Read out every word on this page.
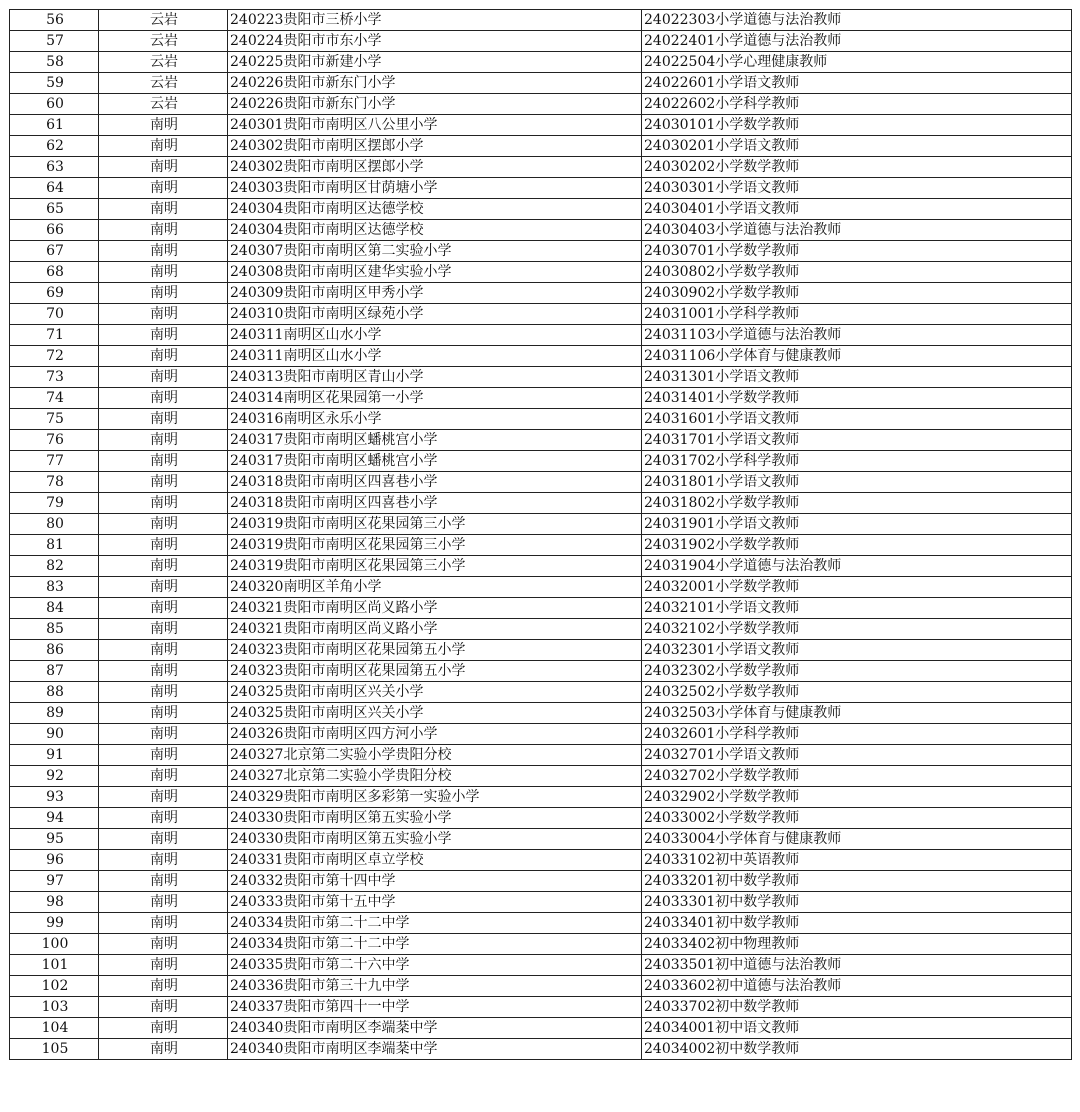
56	云岩	240223贵阳市三桥小学	24022303小学道德与法治教师
57	云岩	240224贵阳市市东小学	24022401小学道德与法治教师
58	云岩	240225贵阳市新建小学	24022504小学心理健康教师
59	云岩	240226贵阳市新东门小学	24022601小学语文教师
60	云岩	240226贵阳市新东门小学	24022602小学科学教师
61	南明	240301贵阳市南明区八公里小学	24030101小学数学教师
62	南明	240302贵阳市南明区摆郎小学	24030201小学语文教师
63	南明	240302贵阳市南明区摆郎小学	24030202小学数学教师
64	南明	240303贵阳市南明区甘荫塘小学	24030301小学语文教师
65	南明	240304贵阳市南明区达德学校	24030401小学语文教师
66	南明	240304贵阳市南明区达德学校	24030403小学道德与法治教师
67	南明	240307贵阳市南明区第二实验小学	24030701小学数学教师
68	南明	240308贵阳市南明区建华实验小学	24030802小学数学教师
69	南明	240309贵阳市南明区甲秀小学	24030902小学数学教师
70	南明	240310贵阳市南明区绿苑小学	24031001小学科学教师
71	南明	240311南明区山水小学	24031103小学道德与法治教师
72	南明	240311南明区山水小学	24031106小学体育与健康教师
73	南明	240313贵阳市南明区青山小学	24031301小学语文教师
74	南明	240314南明区花果园第一小学	24031401小学数学教师
75	南明	240316南明区永乐小学	24031601小学语文教师
76	南明	240317贵阳市南明区蟠桃宫小学	24031701小学语文教师
77	南明	240317贵阳市南明区蟠桃宫小学	24031702小学科学教师
78	南明	240318贵阳市南明区四喜巷小学	24031801小学语文教师
79	南明	240318贵阳市南明区四喜巷小学	24031802小学数学教师
80	南明	240319贵阳市南明区花果园第三小学	24031901小学语文教师
81	南明	240319贵阳市南明区花果园第三小学	24031902小学数学教师
82	南明	240319贵阳市南明区花果园第三小学	24031904小学道德与法治教师
83	南明	240320南明区羊角小学	24032001小学数学教师
84	南明	240321贵阳市南明区尚义路小学	24032101小学语文教师
85	南明	240321贵阳市南明区尚义路小学	24032102小学数学教师
86	南明	240323贵阳市南明区花果园第五小学	24032301小学语文教师
87	南明	240323贵阳市南明区花果园第五小学	24032302小学数学教师
88	南明	240325贵阳市南明区兴关小学	24032502小学数学教师
89	南明	240325贵阳市南明区兴关小学	24032503小学体育与健康教师
90	南明	240326贵阳市南明区四方河小学	24032601小学科学教师
91	南明	240327北京第二实验小学贵阳分校	24032701小学语文教师
92	南明	240327北京第二实验小学贵阳分校	24032702小学数学教师
93	南明	240329贵阳市南明区多彩第一实验小学	24032902小学数学教师
94	南明	240330贵阳市南明区第五实验小学	24033002小学数学教师
95	南明	240330贵阳市南明区第五实验小学	24033004小学体育与健康教师
96	南明	240331贵阳市南明区卓立学校	24033102初中英语教师
97	南明	240332贵阳市第十四中学	24033201初中数学教师
98	南明	240333贵阳市第十五中学	24033301初中数学教师
99	南明	240334贵阳市第二十二中学	24033401初中数学教师
100	南明	240334贵阳市第二十二中学	24033402初中物理教师
101	南明	240335贵阳市第二十六中学	24033501初中道德与法治教师
102	南明	240336贵阳市第三十九中学	24033602初中道德与法治教师
103	南明	240337贵阳市第四十一中学	24033702初中数学教师
104	南明	240340贵阳市南明区李端棻中学	24034001初中语文教师
105	南明	240340贵阳市南明区李端棻中学	24034002初中数学教师
